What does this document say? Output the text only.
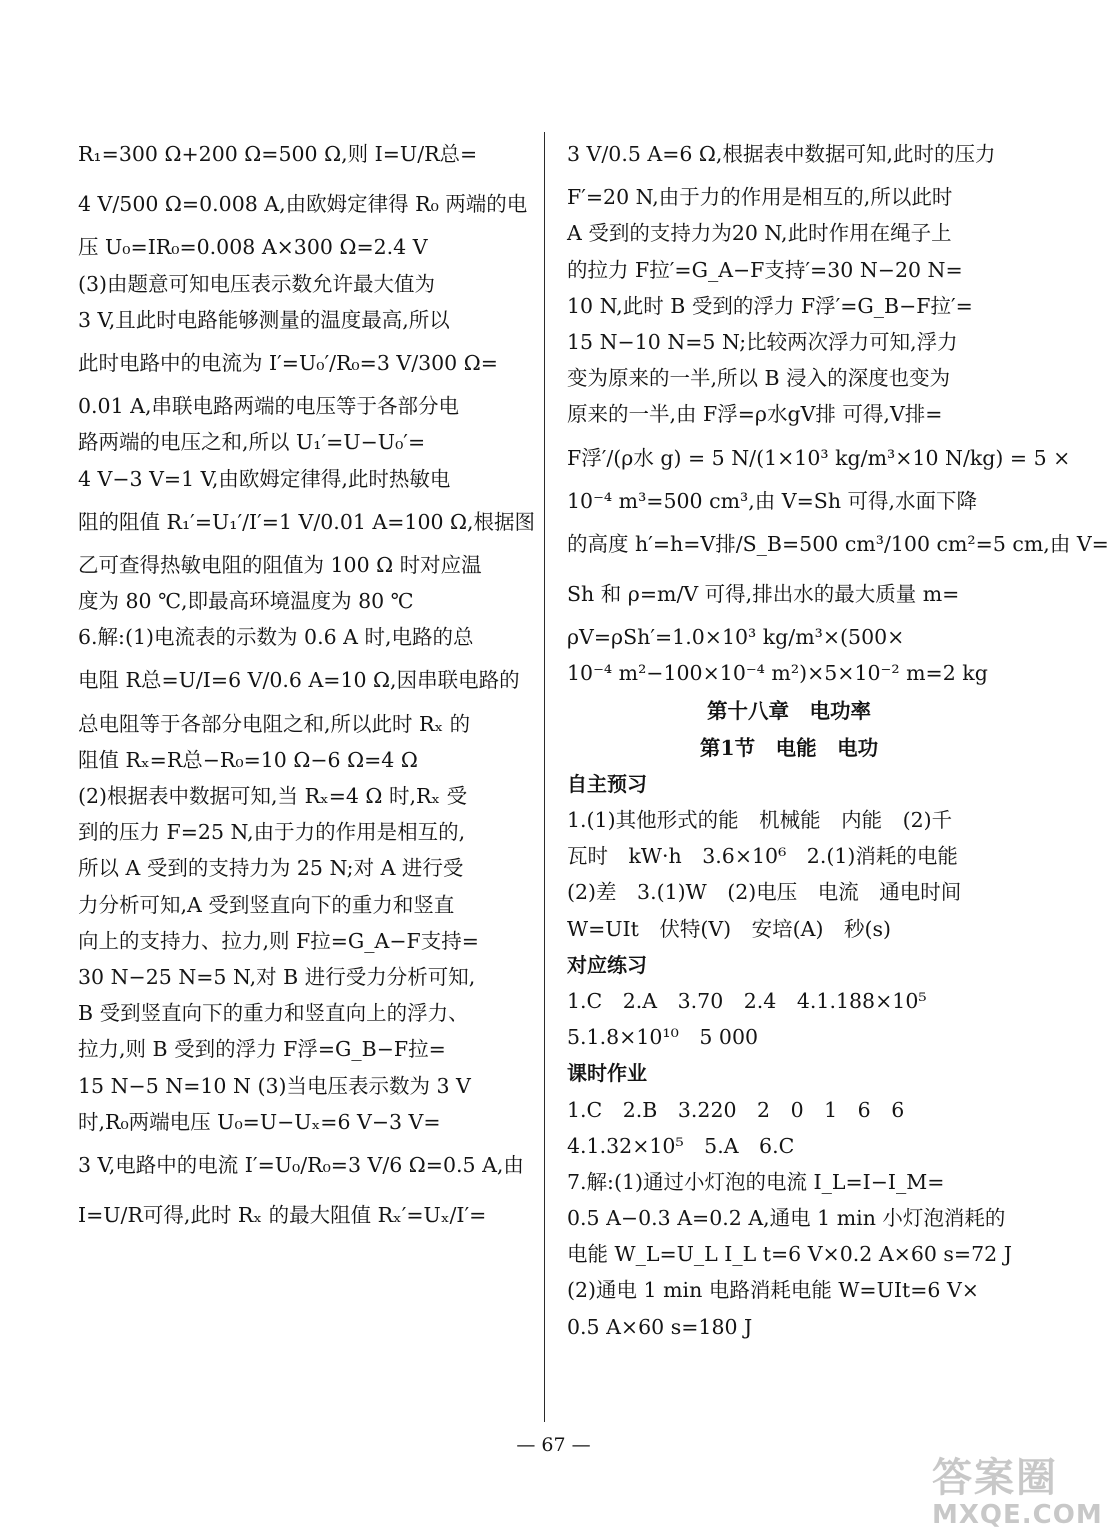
R₁=300 Ω+200 Ω=500 Ω,则 I=U/R总=
4 V/500 Ω=0.008 A,由欧姆定律得 R₀ 两端的电
压 U₀=IR₀=0.008 A×300 Ω=2.4 V
(3)由题意可知电压表示数允许最大值为
3 V,且此时电路能够测量的温度最高,所以
此时电路中的电流为 I′=U₀′/R₀=3 V/300 Ω=
0.01 A,串联电路两端的电压等于各部分电
路两端的电压之和,所以 U₁′=U−U₀′=
4 V−3 V=1 V,由欧姆定律得,此时热敏电
阻的阻值 R₁′=U₁′/I′=1 V/0.01 A=100 Ω,根据图
乙可查得热敏电阻的阻值为 100 Ω 时对应温
度为 80 ℃,即最高环境温度为 80 ℃
6.解:(1)电流表的示数为 0.6 A 时,电路的总
电阻 R总=U/I=6 V/0.6 A=10 Ω,因串联电路的
总电阻等于各部分电阻之和,所以此时 Rₓ 的
阻值 Rₓ=R总−R₀=10 Ω−6 Ω=4 Ω
(2)根据表中数据可知,当 Rₓ=4 Ω 时,Rₓ 受
到的压力 F=25 N,由于力的作用是相互的,
所以 A 受到的支持力为 25 N;对 A 进行受
力分析可知,A 受到竖直向下的重力和竖直
向上的支持力、拉力,则 F拉=G_A−F支持=
30 N−25 N=5 N,对 B 进行受力分析可知,
B 受到竖直向下的重力和竖直向上的浮力、
拉力,则 B 受到的浮力 F浮=G_B−F拉=
15 N−5 N=10 N (3)当电压表示数为 3 V
时,R₀两端电压 U₀=U−Uₓ=6 V−3 V=
3 V,电路中的电流 I′=U₀/R₀=3 V/6 Ω=0.5 A,由
I=U/R可得,此时 Rₓ 的最大阻值 Rₓ′=Uₓ/I′=
3 V/0.5 A=6 Ω,根据表中数据可知,此时的压力
F′=20 N,由于力的作用是相互的,所以此时
A 受到的支持力为20 N,此时作用在绳子上
的拉力 F拉′=G_A−F支持′=30 N−20 N=
10 N,此时 B 受到的浮力 F浮′=G_B−F拉′=
15 N−10 N=5 N;比较两次浮力可知,浮力
变为原来的一半,所以 B 浸入的深度也变为
原来的一半,由 F浮=ρ水gV排 可得,V排=
F浮′/(ρ水 g) = 5 N/(1×10³ kg/m³×10 N/kg) = 5 ×
10⁻⁴ m³=500 cm³,由 V=Sh 可得,水面下降
的高度 h′=h=V排/S_B=500 cm³/100 cm²=5 cm,由 V=
Sh 和 ρ=m/V 可得,排出水的最大质量 m=
ρV=ρSh′=1.0×10³ kg/m³×(500×
10⁻⁴ m²−100×10⁻⁴ m²)×5×10⁻² m=2 kg
第十八章　电功率
第1节　电能　电功
自主预习
1.(1)其他形式的能　机械能　内能　(2)千
瓦时　kW·h　3.6×10⁶　2.(1)消耗的电能
(2)差　3.(1)W　(2)电压　电流　通电时间
W=UIt　伏特(V)　安培(A)　秒(s)
对应练习
1.C　2.A　3.70　2.4　4.1.188×10⁵
5.1.8×10¹⁰　5 000
课时作业
1.C　2.B　3.220　2　0　1　6　6
4.1.32×10⁵　5.A　6.C
7.解:(1)通过小灯泡的电流 I_L=I−I_M=
0.5 A−0.3 A=0.2 A,通电 1 min 小灯泡消耗的
电能 W_L=U_L I_L t=6 V×0.2 A×60 s=72 J
(2)通电 1 min 电路消耗电能 W=UIt=6 V×
0.5 A×60 s=180 J
— 67 —
答案圈
MXQE.COM
